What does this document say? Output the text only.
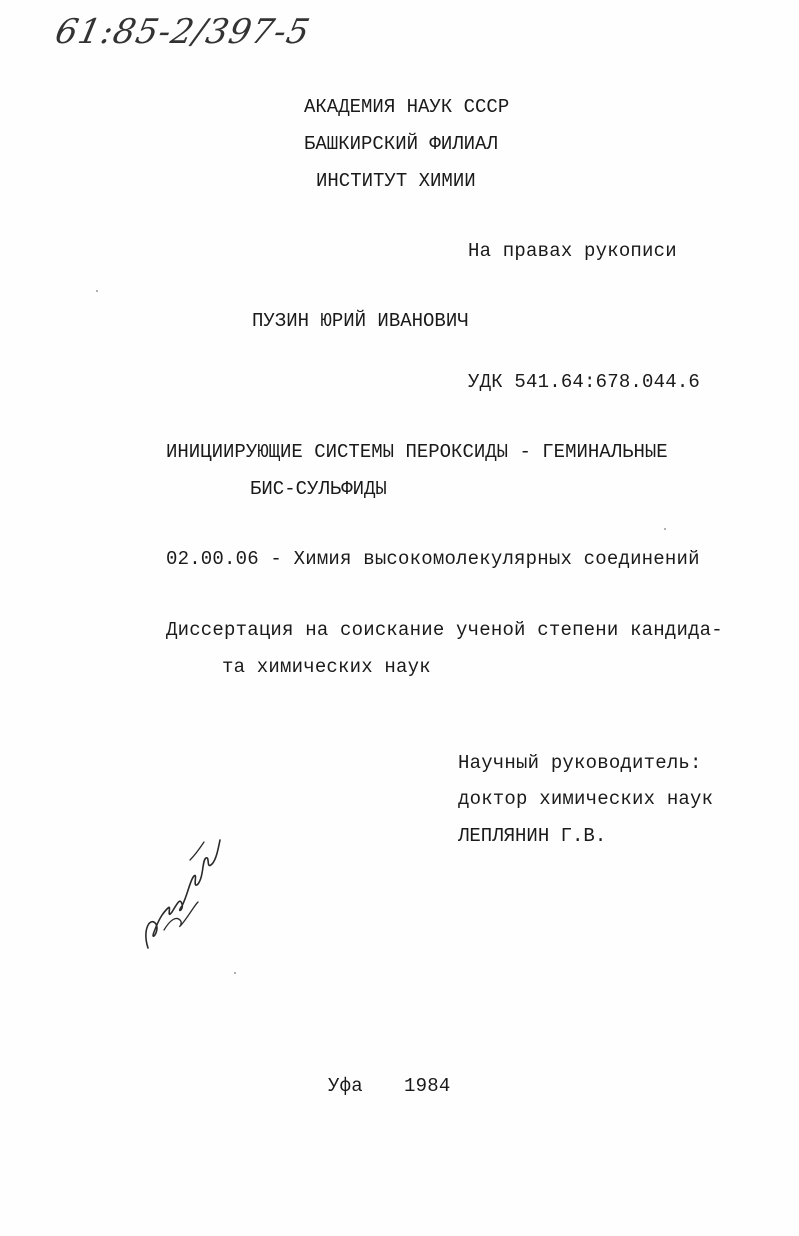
61:85-2/397-5
АКАДЕМИЯ НАУК СССР
БАШКИРСКИЙ ФИЛИАЛ
ИНСТИТУТ ХИМИИ
На правах рукописи
ПУЗИН ЮРИЙ ИВАНОВИЧ
УДК 541.64:678.044.6
ИНИЦИИРУЮЩИЕ СИСТЕМЫ ПЕРОКСИДЫ - ГЕМИНАЛЬНЫЕ
БИС-СУЛЬФИДЫ
02.00.06 - Химия высокомолекулярных соединений
Диссертация на соискание ученой степени кандида-
та химических наук
Научный руководитель:
доктор химических наук
ЛЕПЛЯНИН Г.В.
Уфа 1984
